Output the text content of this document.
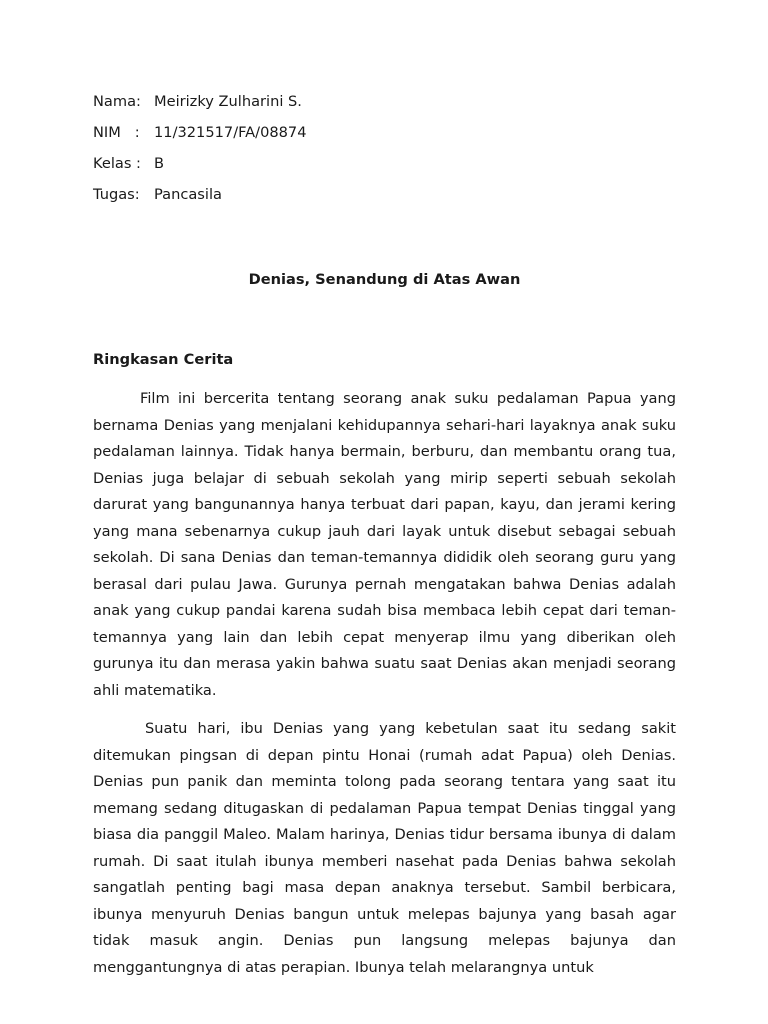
Nama: Meirizky Zulharini S.
NIM   : 11/321517/FA/08874
Kelas : B
Tugas: Pancasila
Denias, Senandung di Atas Awan
Ringkasan Cerita

Film ini bercerita tentang seorang anak suku pedalaman Papua yang bernama Denias yang menjalani kehidupannya sehari-hari layaknya anak suku pedalaman lainnya. Tidak hanya bermain, berburu, dan membantu orang tua, Denias juga belajar di sebuah sekolah yang mirip seperti sebuah sekolah darurat yang bangunannya hanya terbuat dari papan, kayu, dan jerami kering yang mana sebenarnya cukup jauh dari layak untuk disebut sebagai sebuah sekolah. Di sana Denias dan teman-temannya dididik oleh seorang guru yang berasal dari pulau Jawa. Gurunya pernah mengatakan bahwa Denias adalah anak yang cukup pandai karena sudah bisa membaca lebih cepat dari teman-temannya yang lain dan lebih cepat menyerap ilmu yang diberikan oleh gurunya itu dan merasa yakin bahwa suatu saat Denias akan menjadi seorang ahli matematika.

Suatu hari, ibu Denias yang yang kebetulan saat itu sedang sakit ditemukan pingsan di depan pintu Honai (rumah adat Papua) oleh Denias. Denias pun panik dan meminta tolong pada seorang tentara yang saat itu memang sedang ditugaskan di pedalaman Papua tempat Denias tinggal yang biasa dia panggil Maleo. Malam harinya, Denias tidur bersama ibunya di dalam rumah. Di saat itulah ibunya memberi nasehat pada Denias bahwa sekolah sangatlah penting bagi masa depan anaknya tersebut. Sambil berbicara, ibunya menyuruh Denias bangun untuk melepas bajunya yang basah agar tidak masuk angin. Denias pun langsung melepas bajunya dan menggantungnya di atas perapian. Ibunya telah melarangnya untuk
